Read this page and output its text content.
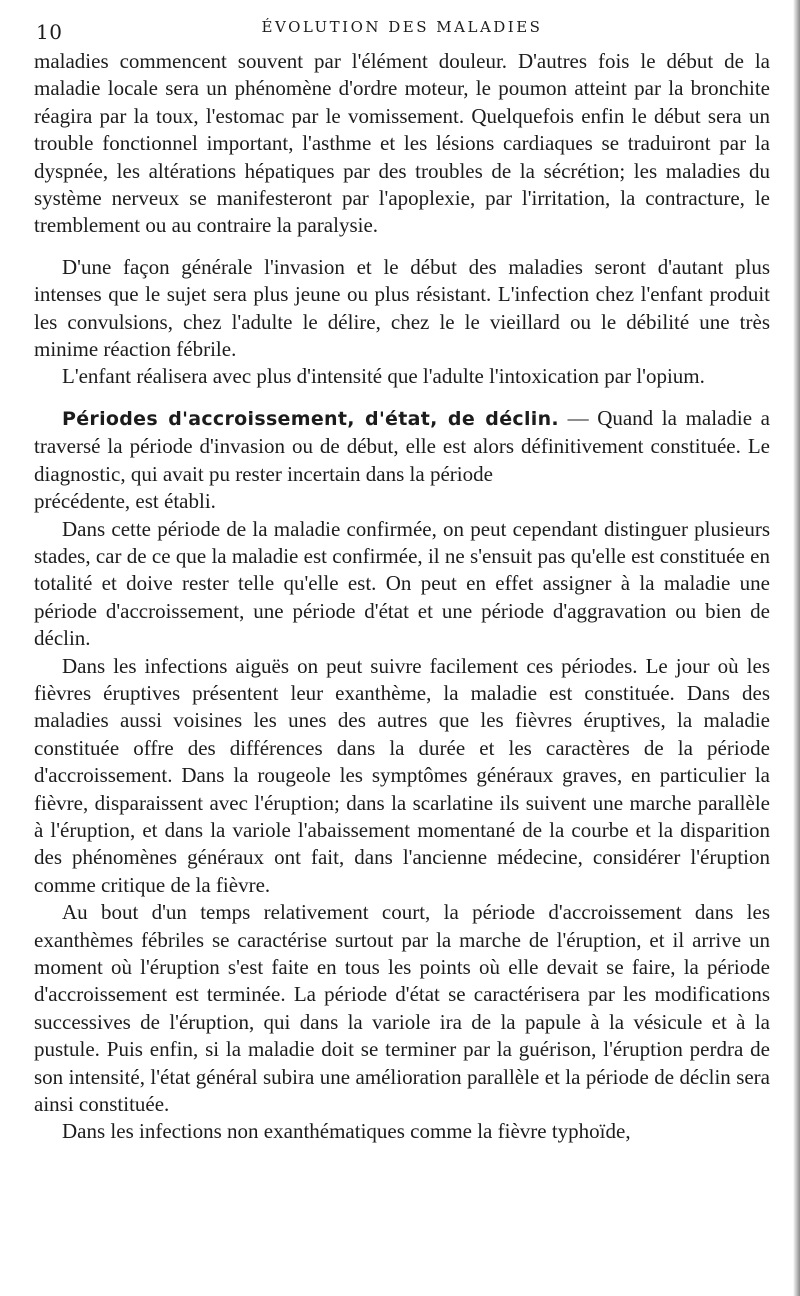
10	ÉVOLUTION DES MALADIES

maladies commencent souvent par l'élément douleur. D'autres fois le début de la maladie locale sera un phénomène d'ordre moteur, le poumon atteint par la bronchite réagira par la toux, l'estomac par le vomissement. Quelquefois enfin le début sera un trouble fonctionnel important, l'asthme et les lésions cardiaques se traduiront par la dyspnée, les altérations hépatiques par des troubles de la sécrétion; les maladies du système nerveux se manifesteront par l'apoplexie, par l'irritation, la contracture, le tremblement ou au contraire la paralysie.

D'une façon générale l'invasion et le début des maladies seront d'autant plus intenses que le sujet sera plus jeune ou plus résistant. L'infection chez l'enfant produit les convulsions, chez l'adulte le délire, chez le le vieillard ou le débilité une très minime réaction fébrile.

L'enfant réalisera avec plus d'intensité que l'adulte l'intoxication par l'opium.

Périodes d'accroissement, d'état, de déclin. — Quand la maladie a traversé la période d'invasion ou de début, elle est alors définitivement constituée. Le diagnostic, qui avait pu rester incertain dans la période

précédente, est établi.

Dans cette période de la maladie confirmée, on peut cependant distinguer plusieurs stades, car de ce que la maladie est confirmée, il ne s'ensuit pas qu'elle est constituée en totalité et doive rester telle qu'elle est. On peut en effet assigner à la maladie une période d'accroissement, une période d'état et une période d'aggravation ou bien de déclin.

Dans les infections aiguës on peut suivre facilement ces périodes. Le jour où les fièvres éruptives présentent leur exanthème, la maladie est constituée. Dans des maladies aussi voisines les unes des autres que les fièvres éruptives, la maladie constituée offre des différences dans la durée et les caractères de la période d'accroissement. Dans la rougeole les symptômes généraux graves, en particulier la fièvre, disparaissent avec l'éruption; dans la scarlatine ils suivent une marche parallèle à l'éruption, et dans la variole l'abaissement momentané de la courbe et la disparition des phénomènes généraux ont fait, dans l'ancienne médecine, considérer l'éruption comme critique de la fièvre.

Au bout d'un temps relativement court, la période d'accroissement dans les exanthèmes fébriles se caractérise surtout par la marche de l'éruption, et il arrive un moment où l'éruption s'est faite en tous les points où elle devait se faire, la période d'accroissement est terminée. La période d'état se caractérisera par les modifications successives de l'éruption, qui dans la variole ira de la papule à la vésicule et à la pustule. Puis enfin, si la maladie doit se terminer par la guérison, l'éruption perdra de son intensité, l'état général subira une amélioration parallèle et la période de déclin sera ainsi constituée.

Dans les infections non exanthématiques comme la fièvre typhoïde,
